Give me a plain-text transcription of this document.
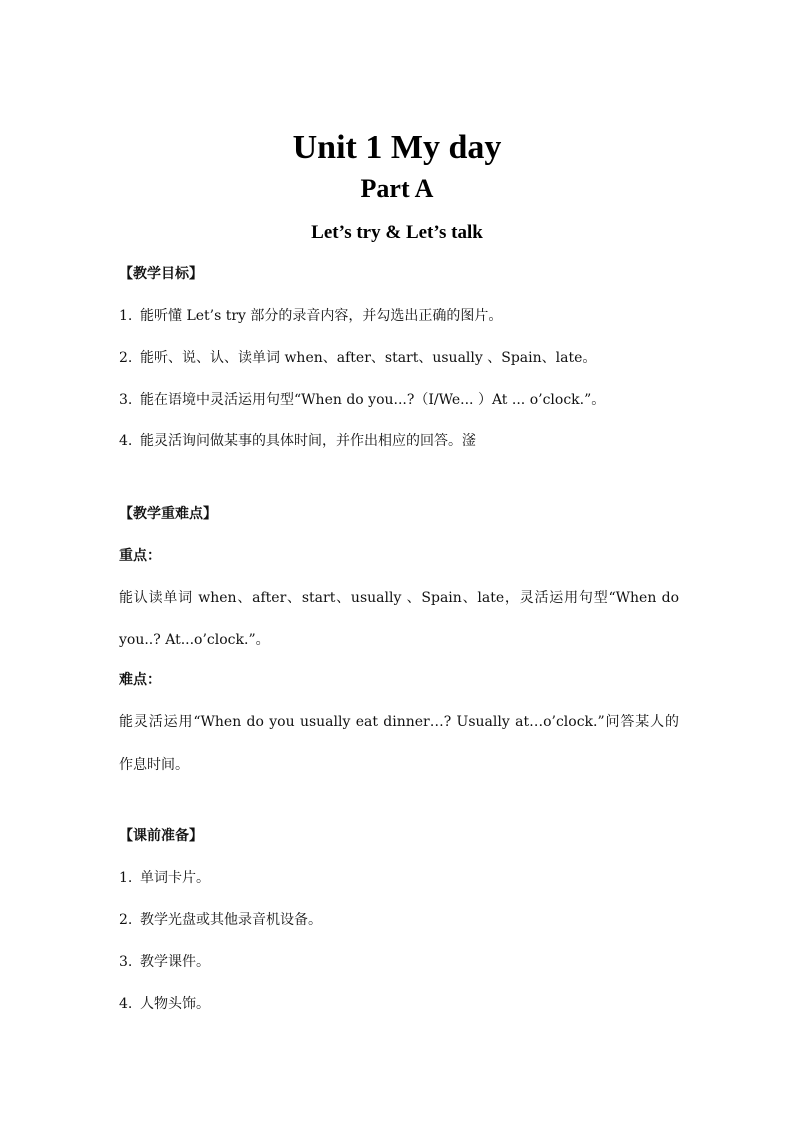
Unit 1 My day
Part A
Let’s try & Let’s talk

【教学目标】

1. 能听懂 Let’s try 部分的录音内容，并勾选出正确的图片。

2. 能听、说、认、读单词 when、after、start、usually 、Spain、late。

3. 能在语境中灵活运用句型“When do you...?（I/We... ）At ... o’clock.”。

4. 能灵活询问做某事的具体时间，并作出相应的回答。滏

【教学重难点】

重点：

能认读单词 when、after、start、usually 、Spain、late，灵活运用句型“When do

you..? At...o’clock.”。

难点：

能灵活运用“When do you usually eat dinner…? Usually at…o’clock.”问答某人的

作息时间。

【课前准备】

1. 单词卡片。

2. 教学光盘或其他录音机设备。

3. 教学课件。

4. 人物头饰。
